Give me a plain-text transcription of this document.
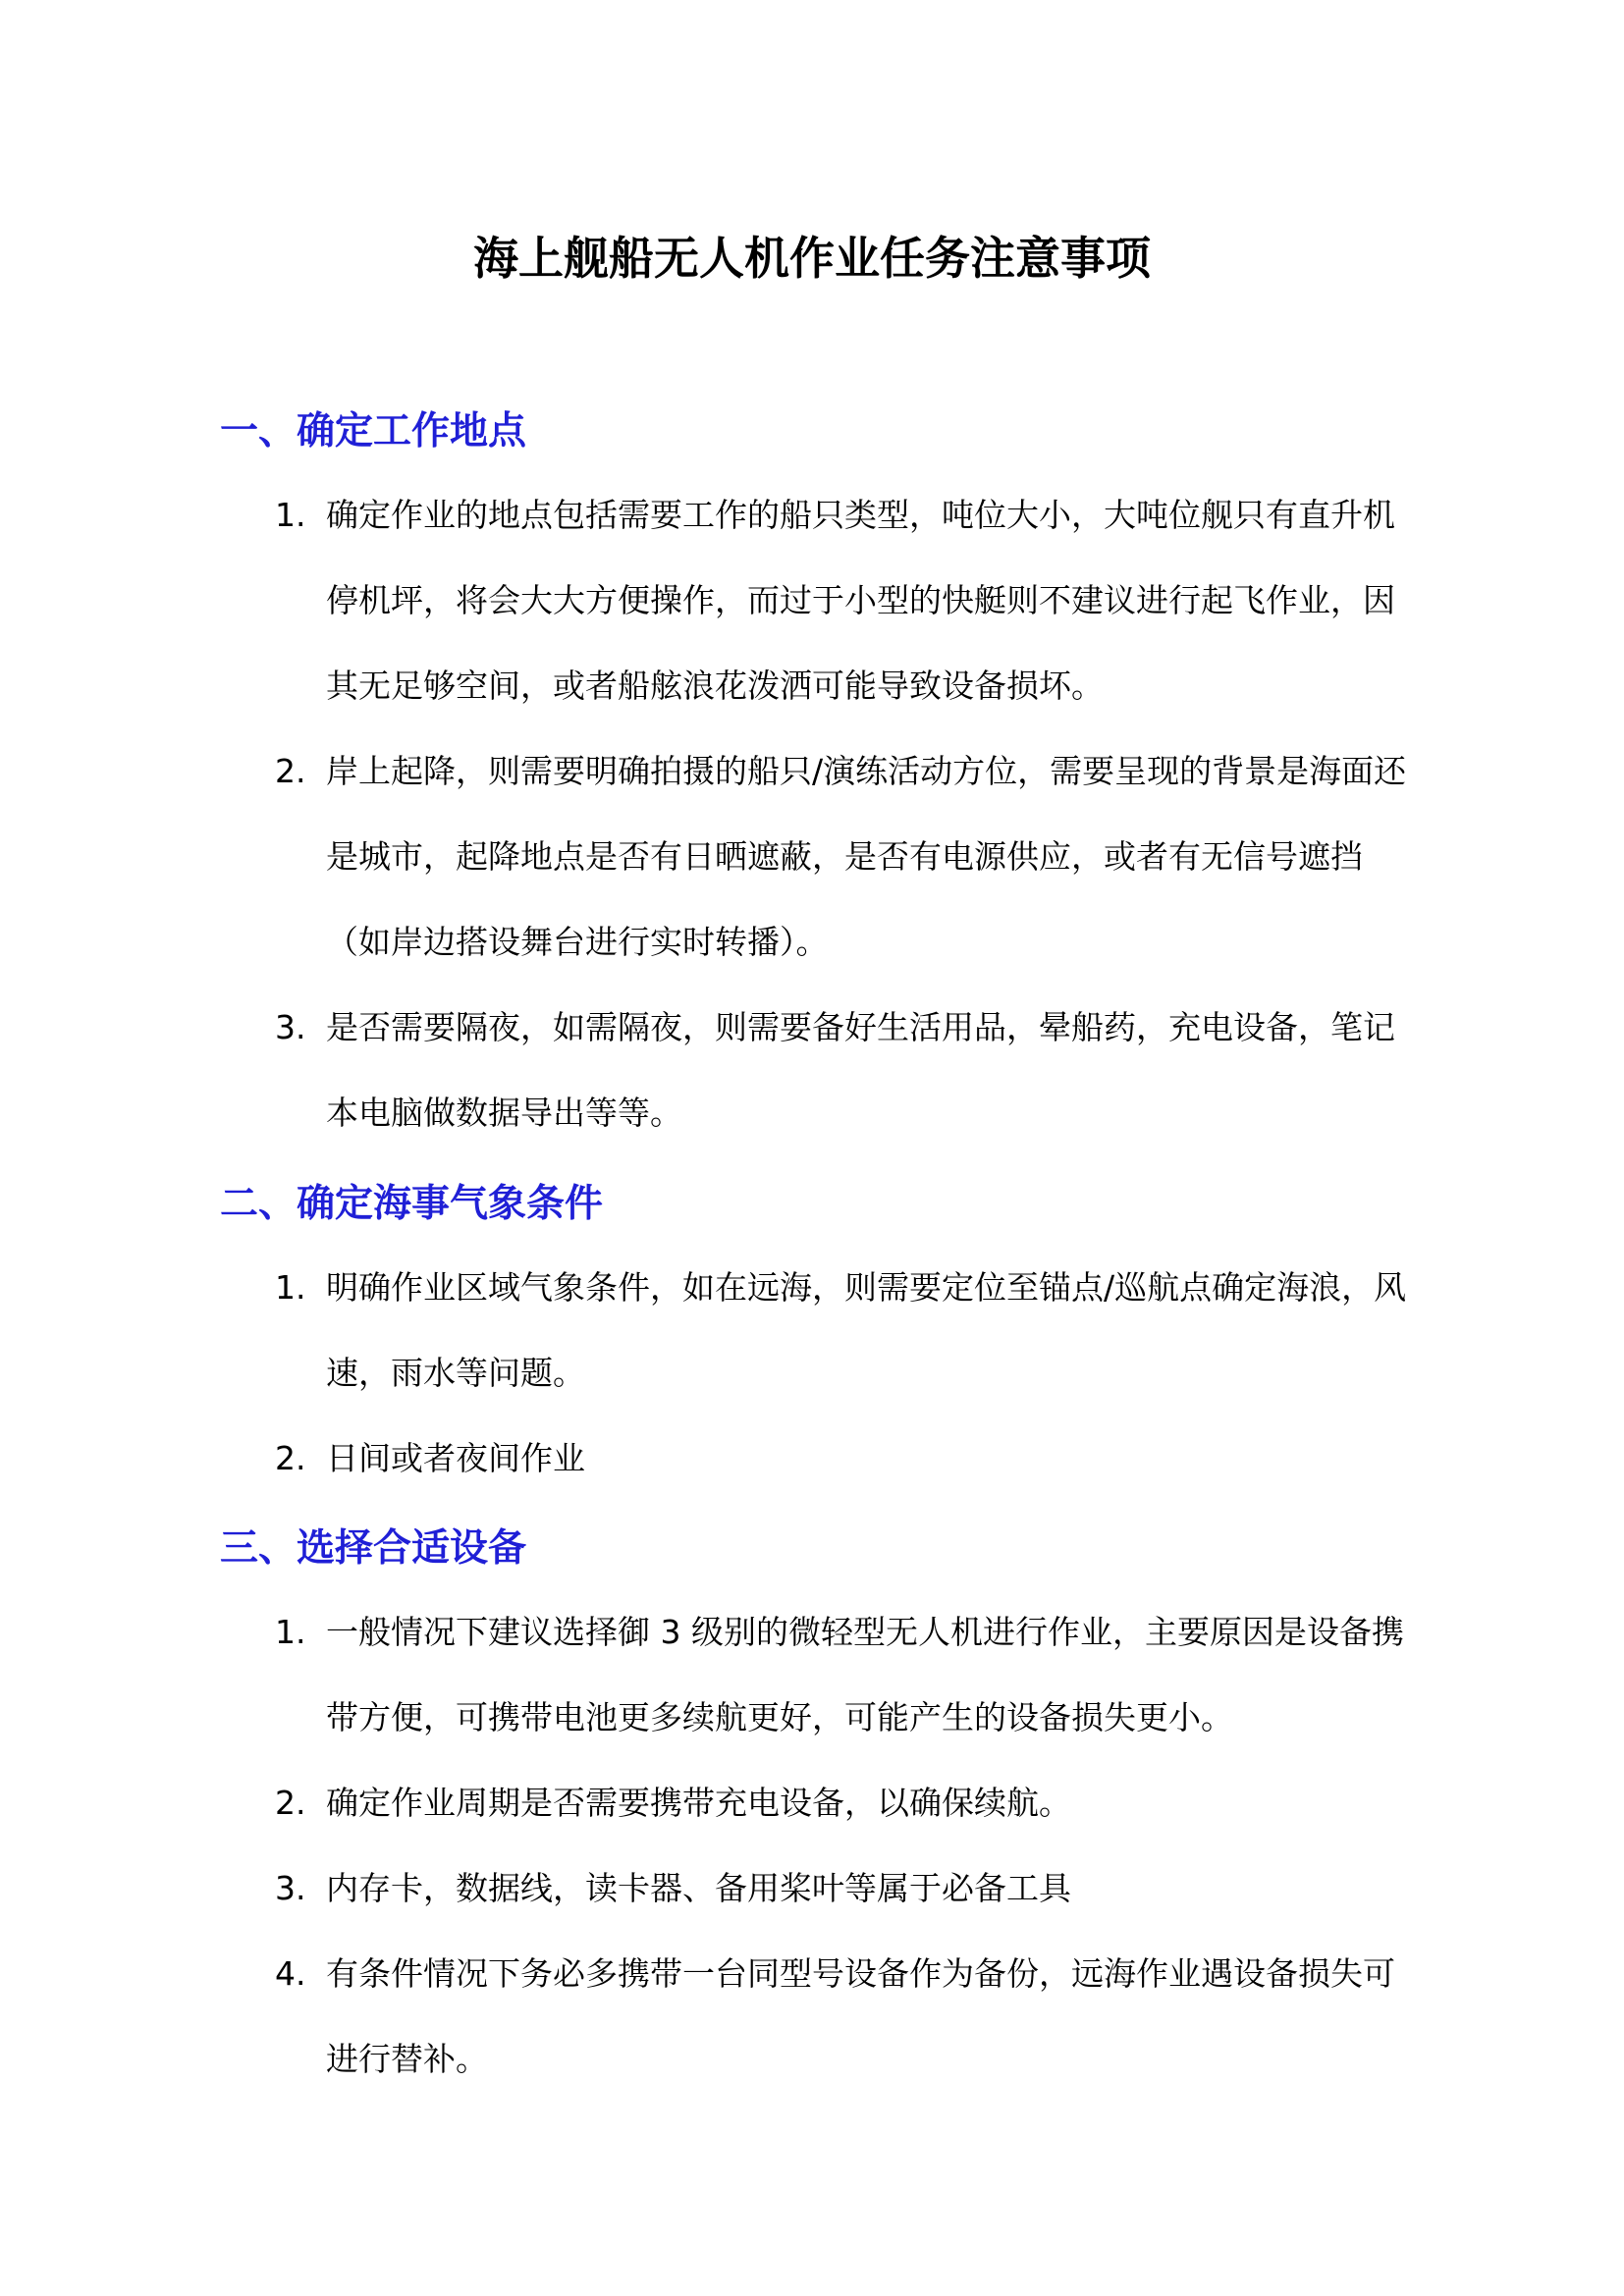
海上舰船无人机作业任务注意事项
一、确定工作地点
1. 确定作业的地点包括需要工作的船只类型，吨位大小，大吨位舰只有直升机
停机坪，将会大大方便操作，而过于小型的快艇则不建议进行起飞作业，因
其无足够空间，或者船舷浪花泼洒可能导致设备损坏。
2. 岸上起降，则需要明确拍摄的船只/演练活动方位，需要呈现的背景是海面还
是城市，起降地点是否有日晒遮蔽，是否有电源供应，或者有无信号遮挡
（如岸边搭设舞台进行实时转播）。
3. 是否需要隔夜，如需隔夜，则需要备好生活用品，晕船药，充电设备，笔记
本电脑做数据导出等等。
二、确定海事气象条件
1. 明确作业区域气象条件，如在远海，则需要定位至锚点/巡航点确定海浪，风
速，雨水等问题。
2. 日间或者夜间作业
三、选择合适设备
1. 一般情况下建议选择御 3 级别的微轻型无人机进行作业，主要原因是设备携
带方便，可携带电池更多续航更好，可能产生的设备损失更小。
2. 确定作业周期是否需要携带充电设备，以确保续航。
3. 内存卡，数据线，读卡器、备用桨叶等属于必备工具
4. 有条件情况下务必多携带一台同型号设备作为备份，远海作业遇设备损失可
进行替补。
